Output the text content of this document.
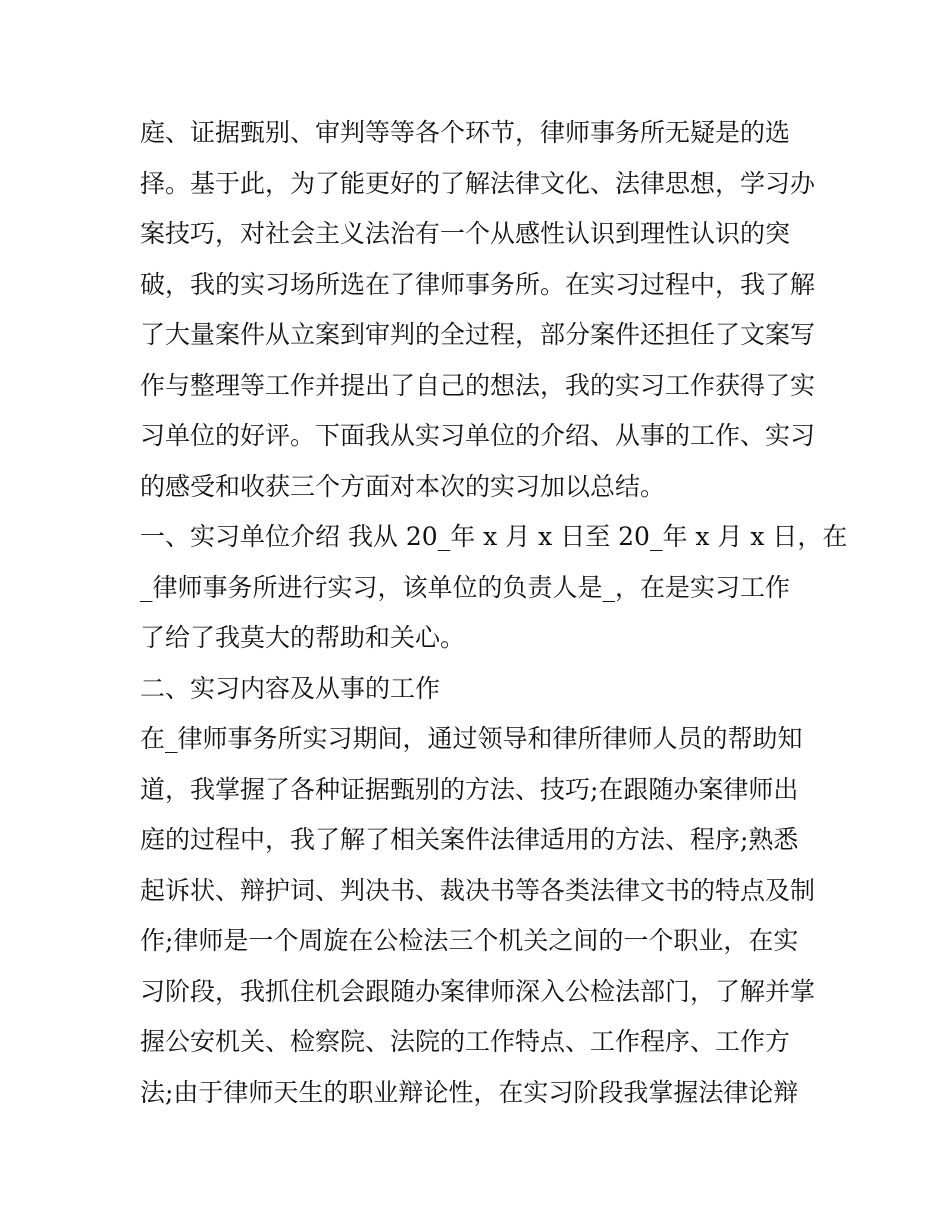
庭、证据甄别、审判等等各个环节，律师事务所无疑是的选
择。基于此，为了能更好的了解法律文化、法律思想，学习办
案技巧，对社会主义法治有一个从感性认识到理性认识的突
破，我的实习场所选在了律师事务所。在实习过程中，我了解
了大量案件从立案到审判的全过程，部分案件还担任了文案写
作与整理等工作并提出了自己的想法，我的实习工作获得了实
习单位的好评。下面我从实习单位的介绍、从事的工作、实习
的感受和收获三个方面对本次的实习加以总结。
一、实习单位介绍 我从 20_年 x 月 x 日至 20_年 x 月 x 日，在
_律师事务所进行实习，该单位的负责人是_，在是实习工作
了给了我莫大的帮助和关心。
二、实习内容及从事的工作
在_律师事务所实习期间，通过领导和律所律师人员的帮助知
道，我掌握了各种证据甄别的方法、技巧;在跟随办案律师出
庭的过程中，我了解了相关案件法律适用的方法、程序;熟悉
起诉状、辩护词、判决书、裁决书等各类法律文书的特点及制
作;律师是一个周旋在公检法三个机关之间的一个职业，在实
习阶段，我抓住机会跟随办案律师深入公检法部门，了解并掌
握公安机关、检察院、法院的工作特点、工作程序、工作方
法;由于律师天生的职业辩论性，在实习阶段我掌握法律论辩
